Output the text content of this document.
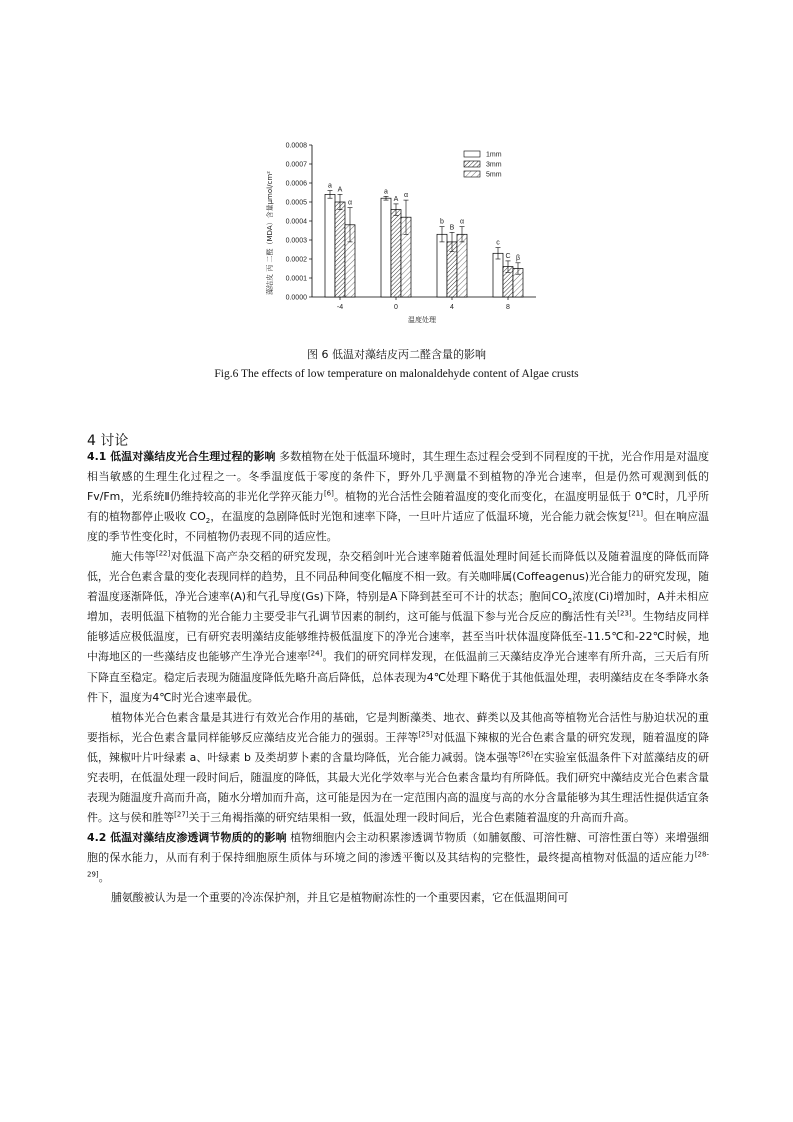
0.0000
0.0001
0.0002
0.0003
0.0004
0.0005
0.0006
0.0007
0.0008
-4
a
A
α
0
a
A
α
4
b
B
α
8
c
C β
1mm
3mm
5mm
藻结皮 丙 二醛（MDA）含量μmol/cm²
温度处理
图 6 低温对藻结皮丙二醛含量的影响
Fig.6 The effects of low temperature on malonaldehyde content of Algae crusts
4 讨论

4.1 低温对藻结皮光合生理过程的影响 多数植物在处于低温环境时，其生理生态过程会受到不同程度的干扰，光合作用是对温度相当敏感的生理生化过程之一。冬季温度低于零度的条件下，野外几乎测量不到植物的净光合速率，但是仍然可观测到低的 Fv/Fm，光系统Ⅱ仍维持较高的非光化学猝灭能力[6]。植物的光合活性会随着温度的变化而变化，在温度明显低于 0℃时，几乎所有的植物都停止吸收 $CO_2$，在温度的急剧降低时光饱和速率下降，一旦叶片适应了低温环境，光合能力就会恢复[21]。但在响应温度的季节性变化时，不同植物仍表现不同的适应性。

施大伟等[22]对低温下高产杂交稻的研究发现，杂交稻剑叶光合速率随着低温处理时间延长而降低以及随着温度的降低而降低，光合色素含量的变化表现同样的趋势，且不同品种间变化幅度不相一致。有关咖啡属(Coffeagenus)光合能力的研究发现，随着温度逐渐降低，净光合速率(A)和气孔导度(Gs)下降，特别是A下降到甚至可不计的状态；胞间$CO_2$浓度(Ci)增加时，A并未相应增加，表明低温下植物的光合能力主要受非气孔调节因素的制约，这可能与低温下参与光合反应的酶活性有关[23]。生物结皮同样能够适应极低温度，已有研究表明藻结皮能够维持极低温度下的净光合速率，甚至当叶状体温度降低至-11.5℃和-22℃时候，地中海地区的一些藻结皮也能够产生净光合速率[24]。我们的研究同样发现，在低温前三天藻结皮净光合速率有所升高，三天后有所下降直至稳定。稳定后表现为随温度降低先略升高后降低，总体表现为4℃处理下略优于其他低温处理，表明藻结皮在冬季降水条件下，温度为4℃时光合速率最优。

植物体光合色素含量是其进行有效光合作用的基础，它是判断藻类、地衣、藓类以及其他高等植物光合活性与胁迫状况的重要指标，光合色素含量同样能够反应藻结皮光合能力的强弱。王萍等[25]对低温下辣椒的光合色素含量的研究发现，随着温度的降低，辣椒叶片叶绿素 a、叶绿素 b 及类胡萝卜素的含量均降低，光合能力减弱。饶本强等[26]在实验室低温条件下对蓝藻结皮的研究表明，在低温处理一段时间后，随温度的降低，其最大光化学效率与光合色素含量均有所降低。我们研究中藻结皮光合色素含量表现为随温度升高而升高，随水分增加而升高，这可能是因为在一定范围内高的温度与高的水分含量能够为其生理活性提供适宜条件。这与侯和胜等[27]关于三角褐指藻的研究结果相一致，低温处理一段时间后，光合色素随着温度的升高而升高。

4.2 低温对藻结皮渗透调节物质的的影响 植物细胞内会主动积累渗透调节物质（如脯氨酸、可溶性糖、可溶性蛋白等）来增强细胞的保水能力，从而有利于保持细胞原生质体与环境之间的渗透平衡以及其结构的完整性，最终提高植物对低温的适应能力[28-29]。

脯氨酸被认为是一个重要的冷冻保护剂，并且它是植物耐冻性的一个重要因素，它在低温期间可
